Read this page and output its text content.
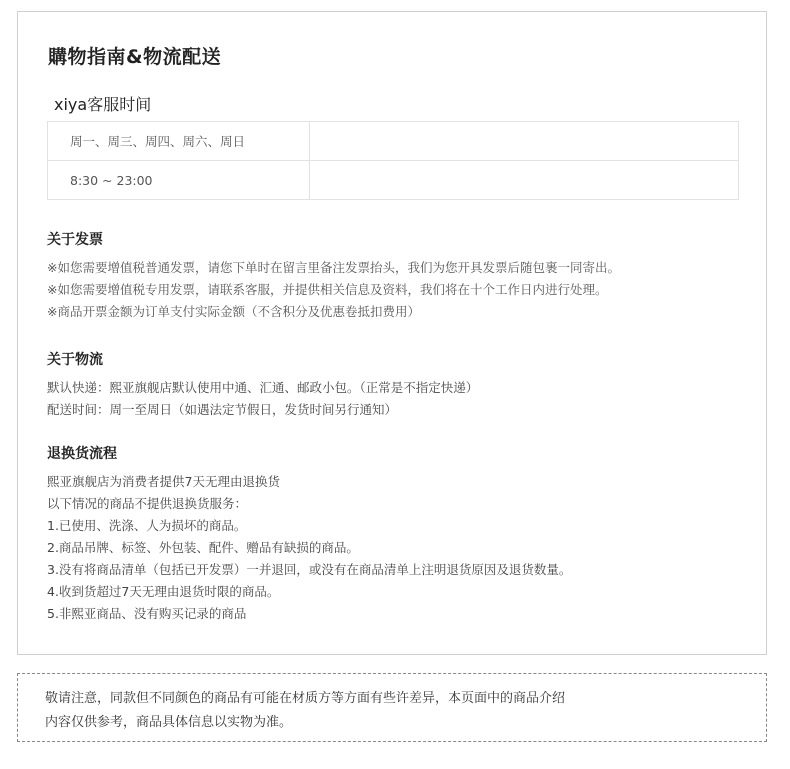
購物指南&物流配送
xiya客服时间
周一、周三、周四、周六、周日	
8:30 ~ 23:00	
关于发票
※如您需要增值税普通发票，请您下单时在留言里备注发票抬头，我们为您开具发票后随包裹一同寄出。
※如您需要增值税专用发票，请联系客服，并提供相关信息及资料，我们将在十个工作日内进行处理。
※商品开票金额为订单支付实际金额（不含积分及优惠卷抵扣费用）
关于物流
默认快递：熙亚旗舰店默认使用中通、汇通、邮政小包。（正常是不指定快递）
配送时间：周一至周日（如遇法定节假日，发货时间另行通知）
退换货流程
熙亚旗舰店为消费者提供7天无理由退换货
以下情况的商品不提供退换货服务：
1.已使用、洗涤、人为损坏的商品。
2.商品吊牌、标签、外包装、配件、赠品有缺损的商品。
3.没有将商品清单（包括已开发票）一并退回，或没有在商品清单上注明退货原因及退货数量。
4.收到货超过7天无理由退货时限的商品。
5.非熙亚商品、没有购买记录的商品
敬请注意，同款但不同颜色的商品有可能在材质方等方面有些许差异，本页面中的商品介绍
内容仅供参考，商品具体信息以实物为准。
